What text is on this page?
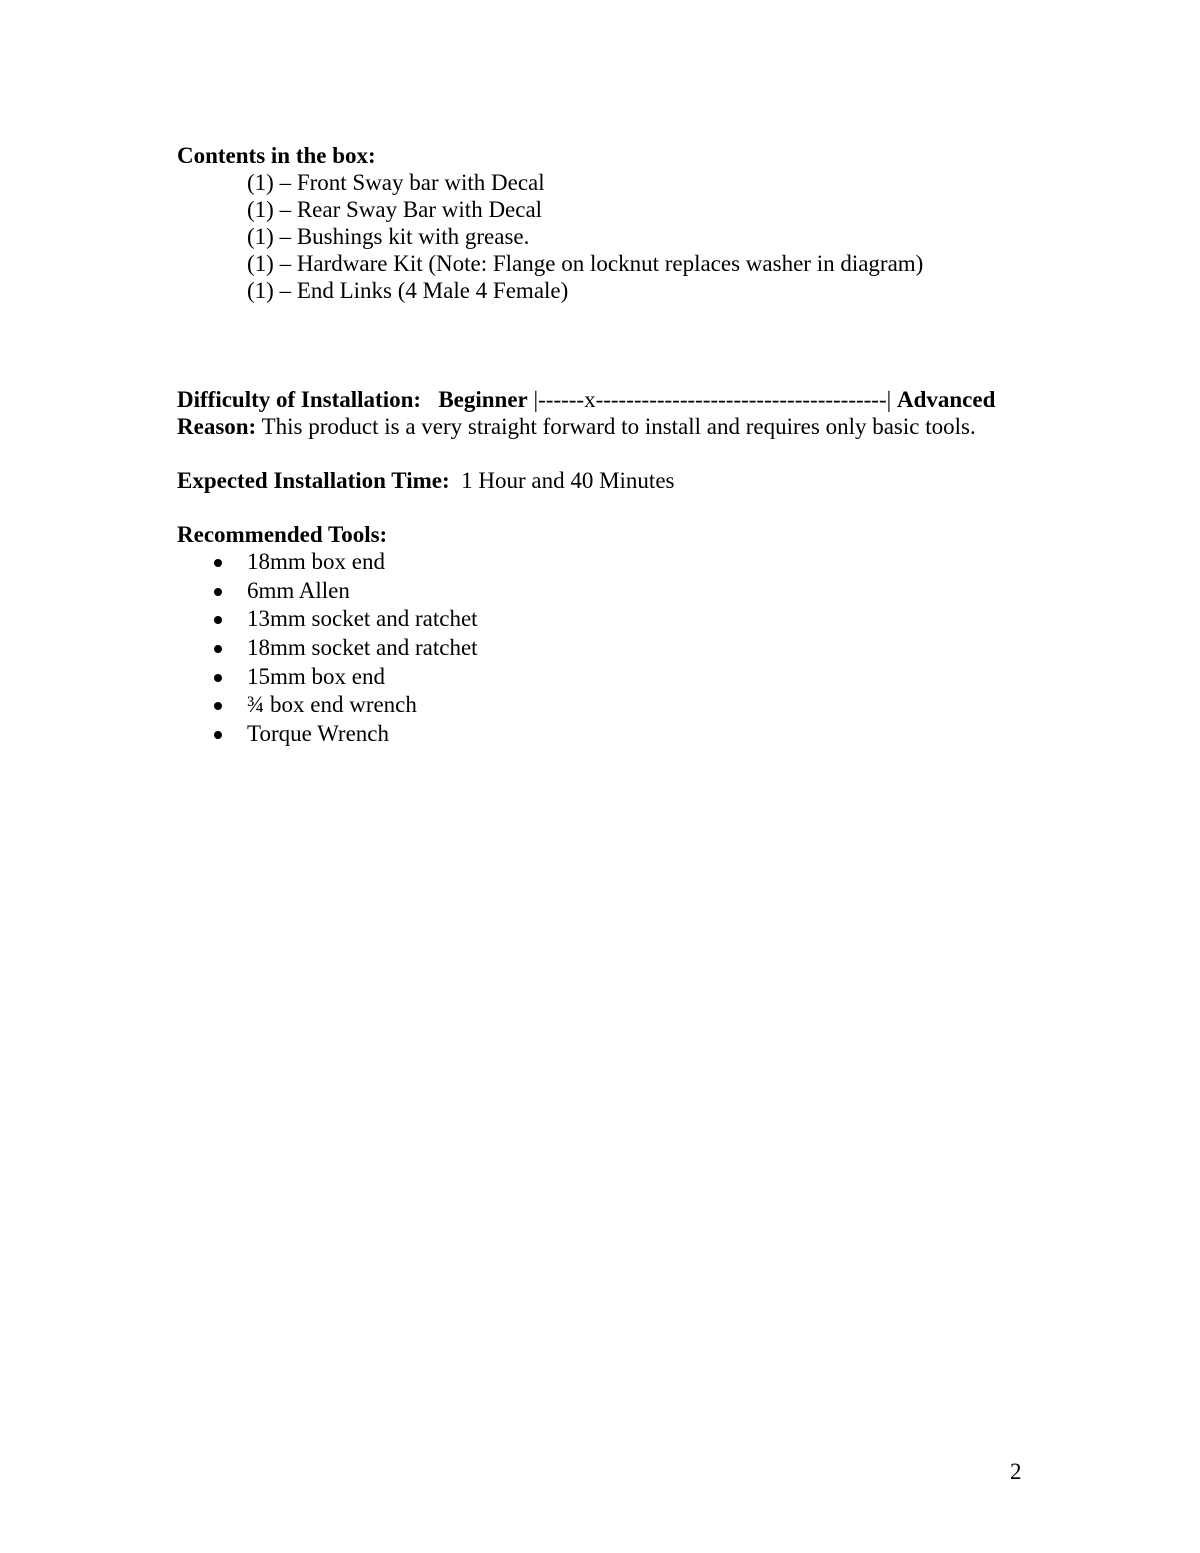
Contents in the box:
(1) – Front Sway bar with Decal
(1) – Rear Sway Bar with Decal
(1) – Bushings kit with grease.
(1) – Hardware Kit (Note: Flange on locknut replaces washer in diagram)
(1) – End Links (4 Male 4 Female)
Difficulty of Installation: Beginner |------x--------------------------------------| Advanced
Reason: This product is a very straight forward to install and requires only basic tools.
Expected Installation Time: 1 Hour and 40 Minutes
Recommended Tools:
18mm box end
6mm Allen
13mm socket and ratchet
18mm socket and ratchet
15mm box end
¾ box end wrench
Torque Wrench
2
